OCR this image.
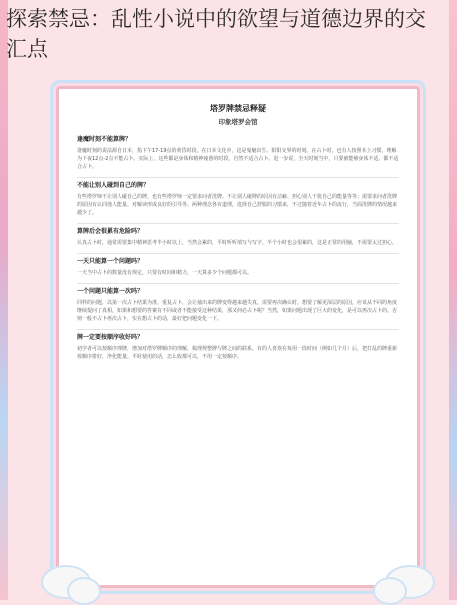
探索禁忌：乱性小说中的欲望与道德边界的交汇点

塔罗牌禁忌释疑

印象塔罗会馆

逢魔时刻不能算牌？

逢魔时刻的说法源自日本，指下午17-19点的黄昏时段。在日本文化中，这是鬼魅出生、阳阳交界的时刻。在占卜时，也有人按照本土习惯，理解为下夜12点-2点不能占卜。实际上，这些都是身体和精神疲惫的时段，自然不适合占卜。进一步说，全天时刻当中，只要被能够身体不适，都不适合占卜。

不能让别人碰到自己的牌？

有些塔罗师不让别人碰自己的牌，也有些塔罗师一定要求问者洗牌。不让别人碰牌的原因有洁癖、担心别人干扰自己的能量等等；需要求问者洗牌的原因有认同他人能量、对解读形成良好的引导等。两种理念各有道理，选择自己舒服的习惯来，不过随着近年占卜的流行，当面洗牌的情况越来越少了。

算牌后会很累有危险吗？

认真占卜时，通常需要集中精神思考半小时以上，当然会累的，平时听听填写与写字，半个小时也会很累的，这是正常的用脑，不需要太过担心。

一天只能算一个问题吗？

一天当中占卜的数量没有规定，只要有时间和精力，一天算多少个问题都可以。

一个问题只能算一次吗？

同样的问题，以第一次占卜结果为准。重复占卜，会让抽出来的牌变得越来越失真，需要再次确认时，想要了解更深层的原因，应该从不同的角度继续提问了真相，如果和想要的答案有不同或者不能接受这种结果，那又何必占卜呢？当然，如果问题出现了巨大的变化，是可以再次占卜的。否则一般不占卜再次占卜，实在想占卜的话，最好把问题变化一下。

牌一定要按顺序收好吗？

初学者可以按顺序理牌，增加对塔罗牌顺序的理解，梳理规整牌与牌之间的联系。有的人喜欢在每用一段时间（例如几个月）后，把打乱的牌重新按顺序排好，净化能量。平时使用的话，怎么收都可以，不用一定按顺序。
